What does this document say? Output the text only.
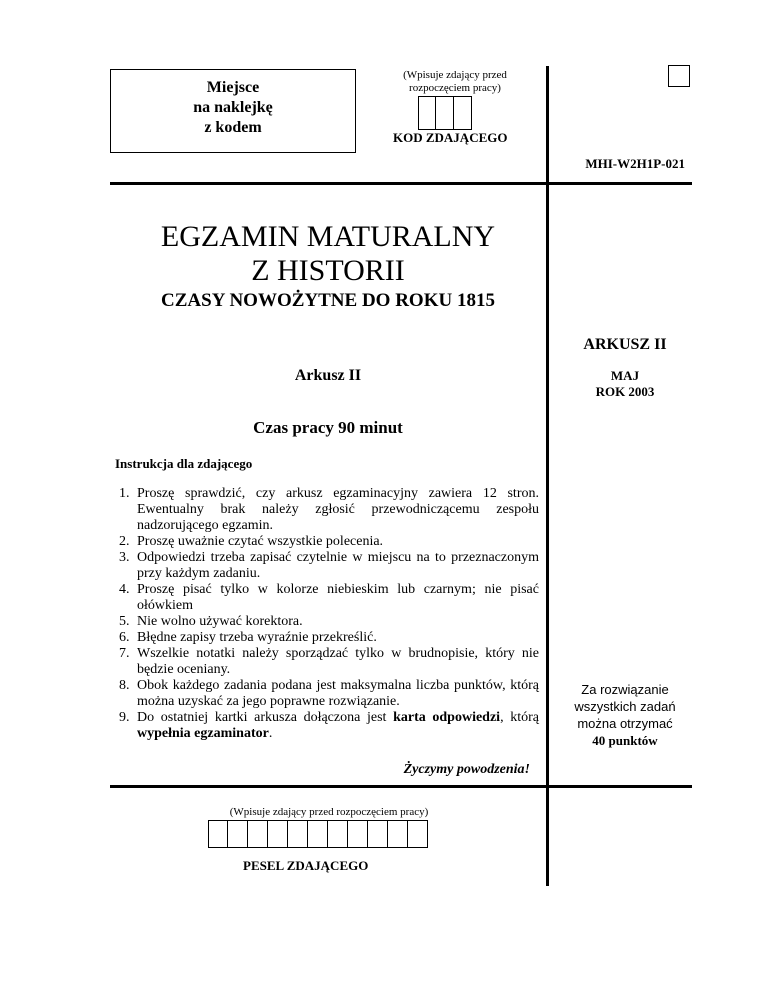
Miejsce
na naklejkę
z kodem
(Wpisuje zdający przed
rozpoczęciem pracy)
KOD ZDAJĄCEGO
MHI-W2H1P-021
EGZAMIN MATURALNY
Z HISTORII
CZASY NOWOŻYTNE DO ROKU 1815
ARKUSZ II
MAJ
ROK 2003
Arkusz II
Czas pracy 90 minut
Instrukcja dla zdającego
1. Proszę sprawdzić, czy arkusz egzaminacyjny zawiera 12 stron. Ewentualny brak należy zgłosić przewodniczącemu zespołu nadzorującego egzamin.
2. Proszę uważnie czytać wszystkie polecenia.
3. Odpowiedzi trzeba zapisać czytelnie w miejscu na to przeznaczonym przy każdym zadaniu.
4. Proszę pisać tylko w kolorze niebieskim lub czarnym; nie pisać ołówkiem
5. Nie wolno używać korektora.
6. Błędne zapisy trzeba wyraźnie przekreślić.
7. Wszelkie notatki należy sporządzać tylko w brudnopisie, który nie będzie oceniany.
8. Obok każdego zadania podana jest maksymalna liczba punktów, którą można uzyskać za jego poprawne rozwiązanie.
9. Do ostatniej kartki arkusza dołączona jest karta odpowiedzi, którą wypełnia egzaminator.
Za rozwiązanie
wszystkich zadań
można otrzymać
40 punktów
Życzymy powodzenia!
(Wpisuje zdający przed rozpoczęciem pracy)
PESEL ZDAJĄCEGO
